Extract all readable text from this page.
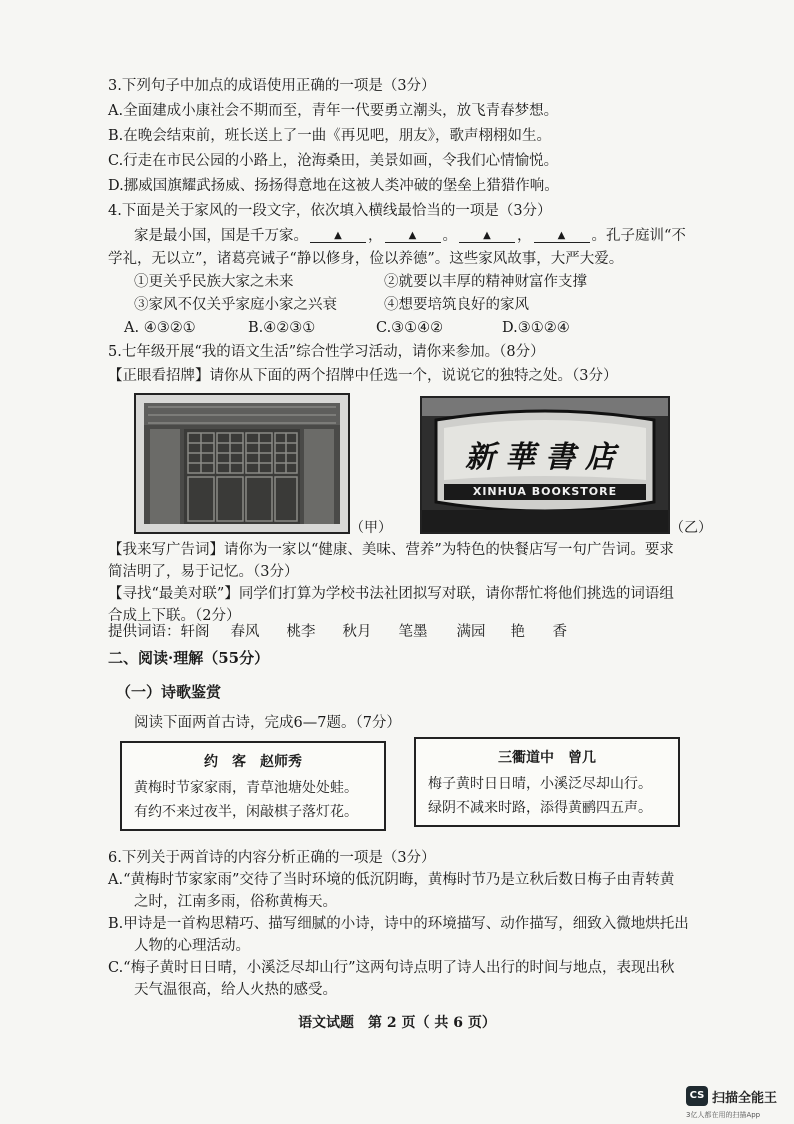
3.下列句子中加点的成语使用正确的一项是（3分）
A.全面建成小康社会不期而至，青年一代要勇立潮头，放飞青春梦想。
B.在晚会结束前，班长送上了一曲《再见吧，朋友》，歌声栩栩如生。
C.行走在市民公园的小路上，沧海桑田，美景如画，令我们心情愉悦。
D.挪威国旗耀武扬威、扬扬得意地在这被人类冲破的堡垒上猎猎作响。
4.下面是关于家风的一段文字，依次填入横线最恰当的一项是（3分）
家是最小国，国是千万家。	▲ ，	▲ 。	▲ ，	▲ 。孔子庭训“不
学礼，无以立”，诸葛亮诫子“静以修身，俭以养德”。这些家风故事，大严大爱。
①更关乎民族大家之未来	②就要以丰厚的精神财富作支撑
③家风不仅关乎家庭小家之兴衰	④想要培筑良好的家风
A. ④③②①	B.④②③①	C.③①④②	D.③①②④
5.七年级开展“我的语文生活”综合性学习活动，请你来参加。（8分）
【正眼看招牌】请你从下面的两个招牌中任选一个，说说它的独特之处。（3分）
（甲）
新華書店
XINHUA BOOKSTORE
（乙）
【我来写广告词】请你为一家以“健康、美味、营养”为特色的快餐店写一句广告词。要求
简洁明了，易于记忆。（3分）
【寻找“最美对联”】同学们打算为学校书法社团拟写对联，请你帮忙将他们挑选的词语组
合成上下联。（2分）
提供词语：轩阁 春风 桃李 秋月 笔墨 满园 艳 香
二、阅读·理解（55分）
（一）诗歌鉴赏
阅读下面两首古诗，完成6—7题。（7分）
约　客　赵师秀
黄梅时节家家雨，青草池塘处处蛙。
有约不来过夜半，闲敲棋子落灯花。
三衢道中　曾几
梅子黄时日日晴，小溪泛尽却山行。
绿阴不减来时路，添得黄鹂四五声。
6.下列关于两首诗的内容分析正确的一项是（3分）
A.“黄梅时节家家雨”交待了当时环境的低沉阴晦，黄梅时节乃是立秋后数日梅子由青转黄
之时，江南多雨，俗称黄梅天。
B.甲诗是一首构思精巧、描写细腻的小诗，诗中的环境描写、动作描写，细致入微地烘托出
人物的心理活动。
C.“梅子黄时日日晴，小溪泛尽却山行”这两句诗点明了诗人出行的时间与地点，表现出秋
天气温很高，给人火热的感受。
语文试题　第 2 页（ 共 6 页）
CS 扫描全能王
3亿人都在用的扫描App
